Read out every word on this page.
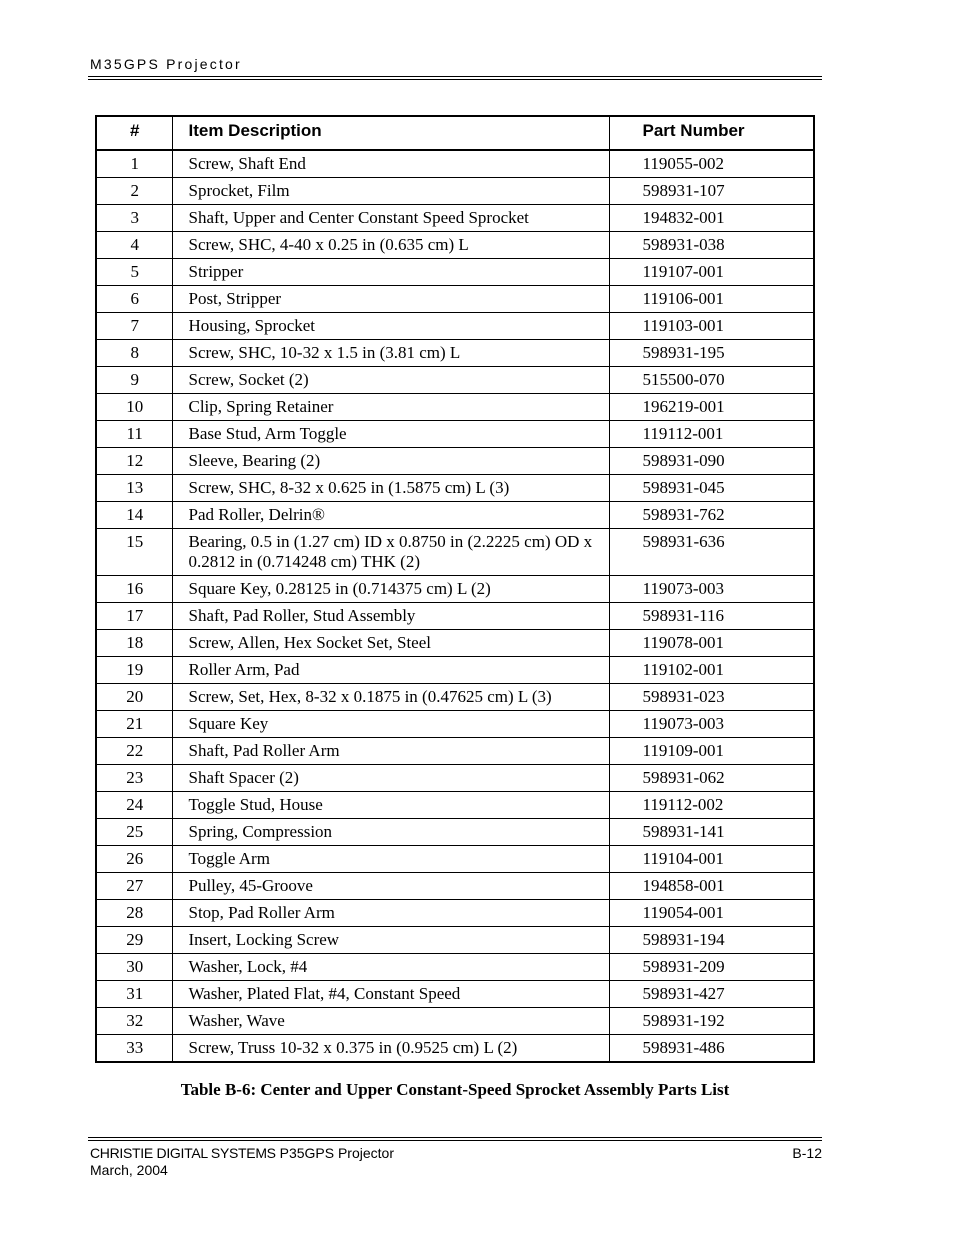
M35GPS Projector
#	Item Description	Part Number
1	Screw, Shaft End	119055-002
2	Sprocket, Film	598931-107
3	Shaft, Upper and Center Constant Speed Sprocket	194832-001
4	Screw, SHC, 4-40 x 0.25 in (0.635 cm) L	598931-038
5	Stripper	119107-001
6	Post, Stripper	119106-001
7	Housing, Sprocket	119103-001
8	Screw, SHC, 10-32 x 1.5 in (3.81 cm) L	598931-195
9	Screw, Socket (2)	515500-070
10	Clip, Spring Retainer	196219-001
11	Base Stud, Arm Toggle	119112-001
12	Sleeve, Bearing (2)	598931-090
13	Screw, SHC, 8-32 x 0.625 in (1.5875 cm) L (3)	598931-045
14	Pad Roller, Delrin®	598931-762
15	Bearing, 0.5 in (1.27 cm) ID x 0.8750 in (2.2225 cm) OD x 0.2812 in (0.714248 cm) THK (2)	598931-636
16	Square Key, 0.28125 in (0.714375 cm) L (2)	119073-003
17	Shaft, Pad Roller, Stud Assembly	598931-116
18	Screw, Allen, Hex Socket Set, Steel	119078-001
19	Roller Arm, Pad	119102-001
20	Screw, Set, Hex, 8-32 x 0.1875 in (0.47625 cm) L (3)	598931-023
21	Square Key	119073-003
22	Shaft, Pad Roller Arm	119109-001
23	Shaft Spacer (2)	598931-062
24	Toggle Stud, House	119112-002
25	Spring, Compression	598931-141
26	Toggle Arm	119104-001
27	Pulley, 45-Groove	194858-001
28	Stop, Pad Roller Arm	119054-001
29	Insert, Locking Screw	598931-194
30	Washer, Lock, #4	598931-209
31	Washer, Plated Flat, #4, Constant Speed	598931-427
32	Washer, Wave	598931-192
33	Screw, Truss 10-32 x 0.375 in (0.9525 cm) L (2)	598931-486
Table B-6: Center and Upper Constant-Speed Sprocket Assembly Parts List
CHRISTIE DIGITAL SYSTEMS P35GPS Projector
March, 2004
B-12
